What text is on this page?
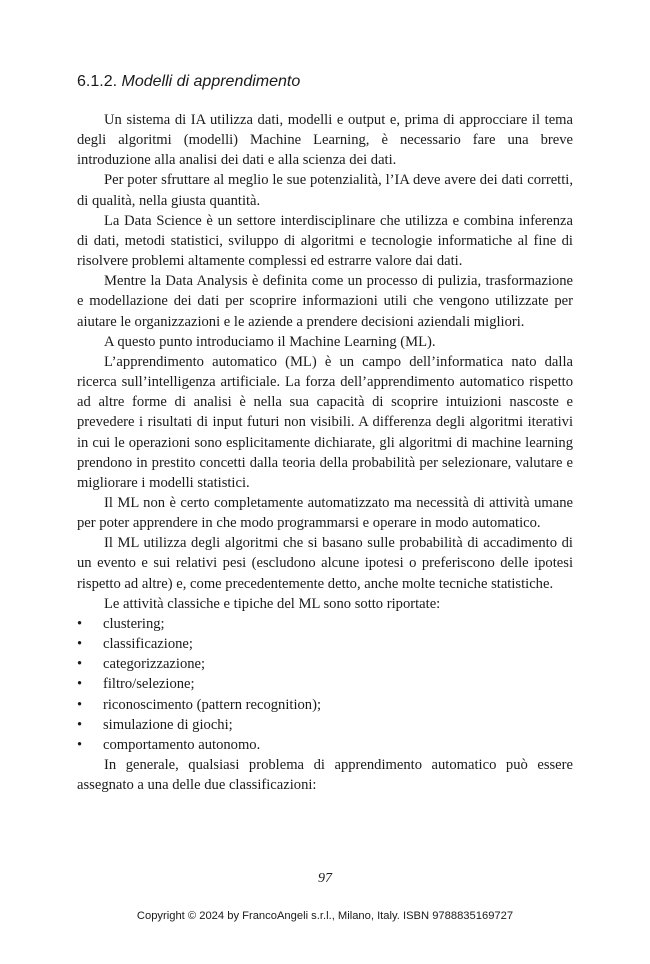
6.1.2. Modelli di apprendimento

Un sistema di IA utilizza dati, modelli e output e, prima di approcciare il tema degli algoritmi (modelli) Machine Learning, è necessario fare una breve introduzione alla analisi dei dati e alla scienza dei dati.

Per poter sfruttare al meglio le sue potenzialità, l’IA deve avere dei dati corretti, di qualità, nella giusta quantità.

La Data Science è un settore interdisciplinare che utilizza e combina inferenza di dati, metodi statistici, sviluppo di algoritmi e tecnologie informatiche al fine di risolvere problemi altamente complessi ed estrarre valore dai dati.

Mentre la Data Analysis è definita come un processo di pulizia, trasformazione e modellazione dei dati per scoprire informazioni utili che vengono utilizzate per aiutare le organizzazioni e le aziende a prendere decisioni aziendali migliori.

A questo punto introduciamo il Machine Learning (ML).

L’apprendimento automatico (ML) è un campo dell’informatica nato dalla ricerca sull’intelligenza artificiale. La forza dell’apprendimento automatico rispetto ad altre forme di analisi è nella sua capacità di scoprire intuizioni nascoste e prevedere i risultati di input futuri non visibili. A differenza degli algoritmi iterativi in cui le operazioni sono esplicitamente dichiarate, gli algoritmi di machine learning prendono in prestito concetti dalla teoria della probabilità per selezionare, valutare e migliorare i modelli statistici.

Il ML non è certo completamente automatizzato ma necessità di attività umane per poter apprendere in che modo programmarsi e operare in modo automatico.

Il ML utilizza degli algoritmi che si basano sulle probabilità di accadimento di un evento e sui relativi pesi (escludono alcune ipotesi o preferiscono delle ipotesi rispetto ad altre) e, come precedentemente detto, anche molte tecniche statistiche.

Le attività classiche e tipiche del ML sono sotto riportate:

• clustering;
• classificazione;
• categorizzazione;
• filtro/selezione;
• riconoscimento (pattern recognition);
• simulazione di giochi;
• comportamento autonomo.

In generale, qualsiasi problema di apprendimento automatico può essere assegnato a una delle due classificazioni:

97
Copyright © 2024 by FrancoAngeli s.r.l., Milano, Italy. ISBN 9788835169727
